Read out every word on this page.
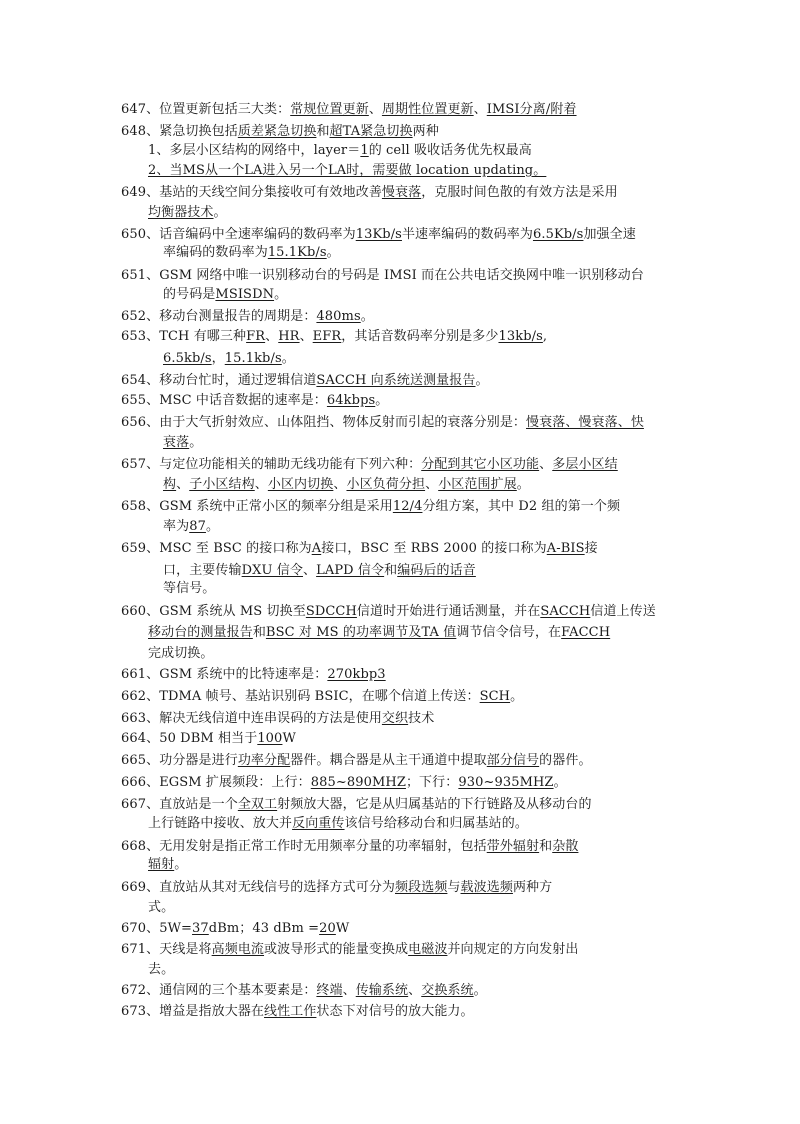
647、位置更新包括三大类：常规位置更新、周期性位置更新、IMSI分离/附着
648、紧急切换包括质差紧急切换和超TA紧急切换两种
1、多层小区结构的网络中，layer＝1的 cell 吸收话务优先权最高
2、当MS从一个LA进入另一个LA时，需要做 location updating。
649、基站的天线空间分集接收可有效地改善慢衰落，克服时间色散的有效方法是采用
均衡器技术。
650、话音编码中全速率编码的数码率为13Kb/s半速率编码的数码率为6.5Kb/s加强全速
率编码的数码率为15.1Kb/s。
651、GSM 网络中唯一识别移动台的号码是 IMSI 而在公共电话交换网中唯一识别移动台
的号码是MSISDN。
652、移动台测量报告的周期是：480ms。
653、TCH 有哪三种FR、HR、EFR，其话音数码率分别是多少13kb/s,
6.5kb/s，15.1kb/s。
654、移动台忙时，通过逻辑信道SACCH 向系统送测量报告。
655、MSC 中话音数据的速率是：64kbps。
656、由于大气折射效应、山体阻挡、物体反射而引起的衰落分别是：慢衰落、慢衰落、快
衰落。
657、与定位功能相关的辅助无线功能有下列六种：分配到其它小区功能、多层小区结
构、子小区结构、小区内切换、小区负荷分担、小区范围扩展。
658、GSM 系统中正常小区的频率分组是采用12/4分组方案，其中 D2 组的第一个频
率为87。
659、MSC 至 BSC 的接口称为A接口，BSC 至 RBS 2000 的接口称为A-BIS接
口，主要传输DXU 信令、LAPD 信令和编码后的话音
等信号。
660、GSM 系统从 MS 切换至SDCCH信道时开始进行通话测量，并在SACCH信道上传送
移动台的测量报告和BSC 对 MS 的功率调节及TA 值调节信令信号，在FACCH
完成切换。
661、GSM 系统中的比特速率是：270kbp3
662、TDMA 帧号、基站识别码 BSIC，在哪个信道上传送：SCH。
663、解决无线信道中连串误码的方法是使用交织技术
664、50 DBM 相当于100W
665、功分器是进行功率分配器件。耦合器是从主干通道中提取部分信号的器件。
666、EGSM 扩展频段：上行：885~890MHZ；下行：930~935MHZ。
667、直放站是一个全双工射频放大器，它是从归属基站的下行链路及从移动台的
上行链路中接收、放大并反向重传该信号给移动台和归属基站的。
668、无用发射是指正常工作时无用频率分量的功率辐射，包括带外辐射和杂散
辐射。
669、直放站从其对无线信号的选择方式可分为频段选频与载波选频两种方
式。
670、5W=37dBm；43 dBm =20W
671、天线是将高频电流或波导形式的能量变换成电磁波并向规定的方向发射出
去。
672、通信网的三个基本要素是：终端、传输系统、交换系统。
673、增益是指放大器在线性工作状态下对信号的放大能力。
